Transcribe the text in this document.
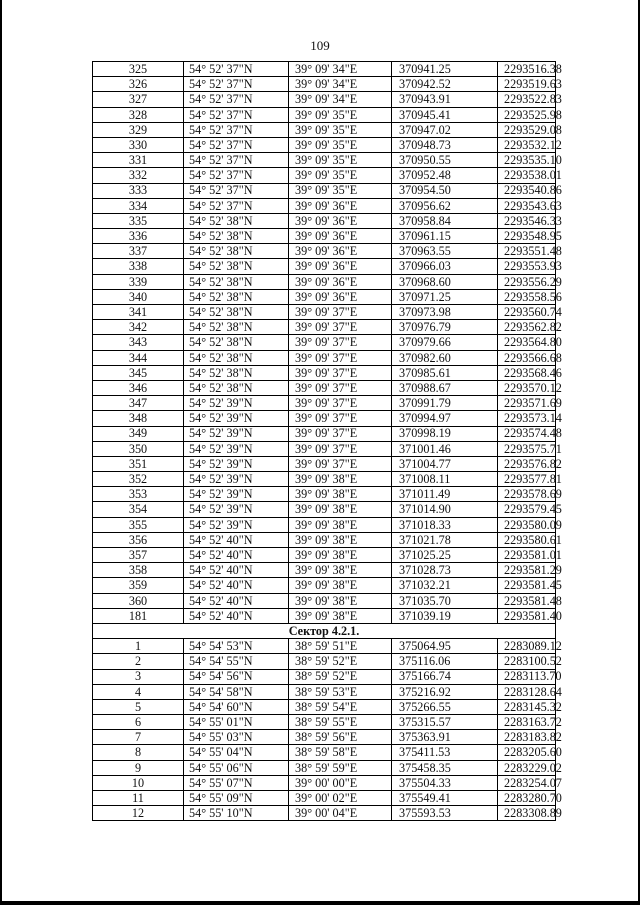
109
325	54° 52' 37"N	39° 09' 34"E	370941.25	2293516.38
326	54° 52' 37"N	39° 09' 34"E	370942.52	2293519.63
327	54° 52' 37"N	39° 09' 34"E	370943.91	2293522.83
328	54° 52' 37"N	39° 09' 35"E	370945.41	2293525.98
329	54° 52' 37"N	39° 09' 35"E	370947.02	2293529.08
330	54° 52' 37"N	39° 09' 35"E	370948.73	2293532.12
331	54° 52' 37"N	39° 09' 35"E	370950.55	2293535.10
332	54° 52' 37"N	39° 09' 35"E	370952.48	2293538.01
333	54° 52' 37"N	39° 09' 35"E	370954.50	2293540.86
334	54° 52' 37"N	39° 09' 36"E	370956.62	2293543.63
335	54° 52' 38"N	39° 09' 36"E	370958.84	2293546.33
336	54° 52' 38"N	39° 09' 36"E	370961.15	2293548.95
337	54° 52' 38"N	39° 09' 36"E	370963.55	2293551.48
338	54° 52' 38"N	39° 09' 36"E	370966.03	2293553.93
339	54° 52' 38"N	39° 09' 36"E	370968.60	2293556.29
340	54° 52' 38"N	39° 09' 36"E	370971.25	2293558.56
341	54° 52' 38"N	39° 09' 37"E	370973.98	2293560.74
342	54° 52' 38"N	39° 09' 37"E	370976.79	2293562.82
343	54° 52' 38"N	39° 09' 37"E	370979.66	2293564.80
344	54° 52' 38"N	39° 09' 37"E	370982.60	2293566.68
345	54° 52' 38"N	39° 09' 37"E	370985.61	2293568.46
346	54° 52' 38"N	39° 09' 37"E	370988.67	2293570.12
347	54° 52' 39"N	39° 09' 37"E	370991.79	2293571.69
348	54° 52' 39"N	39° 09' 37"E	370994.97	2293573.14
349	54° 52' 39"N	39° 09' 37"E	370998.19	2293574.48
350	54° 52' 39"N	39° 09' 37"E	371001.46	2293575.71
351	54° 52' 39"N	39° 09' 37"E	371004.77	2293576.82
352	54° 52' 39"N	39° 09' 38"E	371008.11	2293577.81
353	54° 52' 39"N	39° 09' 38"E	371011.49	2293578.69
354	54° 52' 39"N	39° 09' 38"E	371014.90	2293579.45
355	54° 52' 39"N	39° 09' 38"E	371018.33	2293580.09
356	54° 52' 40"N	39° 09' 38"E	371021.78	2293580.61
357	54° 52' 40"N	39° 09' 38"E	371025.25	2293581.01
358	54° 52' 40"N	39° 09' 38"E	371028.73	2293581.29
359	54° 52' 40"N	39° 09' 38"E	371032.21	2293581.45
360	54° 52' 40"N	39° 09' 38"E	371035.70	2293581.48
181	54° 52' 40"N	39° 09' 38"E	371039.19	2293581.40
Сектор 4.2.1.				
1	54° 54' 53"N	38° 59' 51"E	375064.95	2283089.12
2	54° 54' 55"N	38° 59' 52"E	375116.06	2283100.52
3	54° 54' 56"N	38° 59' 52"E	375166.74	2283113.70
4	54° 54' 58"N	38° 59' 53"E	375216.92	2283128.64
5	54° 54' 60"N	38° 59' 54"E	375266.55	2283145.32
6	54° 55' 01"N	38° 59' 55"E	375315.57	2283163.72
7	54° 55' 03"N	38° 59' 56"E	375363.91	2283183.82
8	54° 55' 04"N	38° 59' 58"E	375411.53	2283205.60
9	54° 55' 06"N	38° 59' 59"E	375458.35	2283229.02
10	54° 55' 07"N	39° 00' 00"E	375504.33	2283254.07
11	54° 55' 09"N	39° 00' 02"E	375549.41	2283280.70
12	54° 55' 10"N	39° 00' 04"E	375593.53	2283308.89
